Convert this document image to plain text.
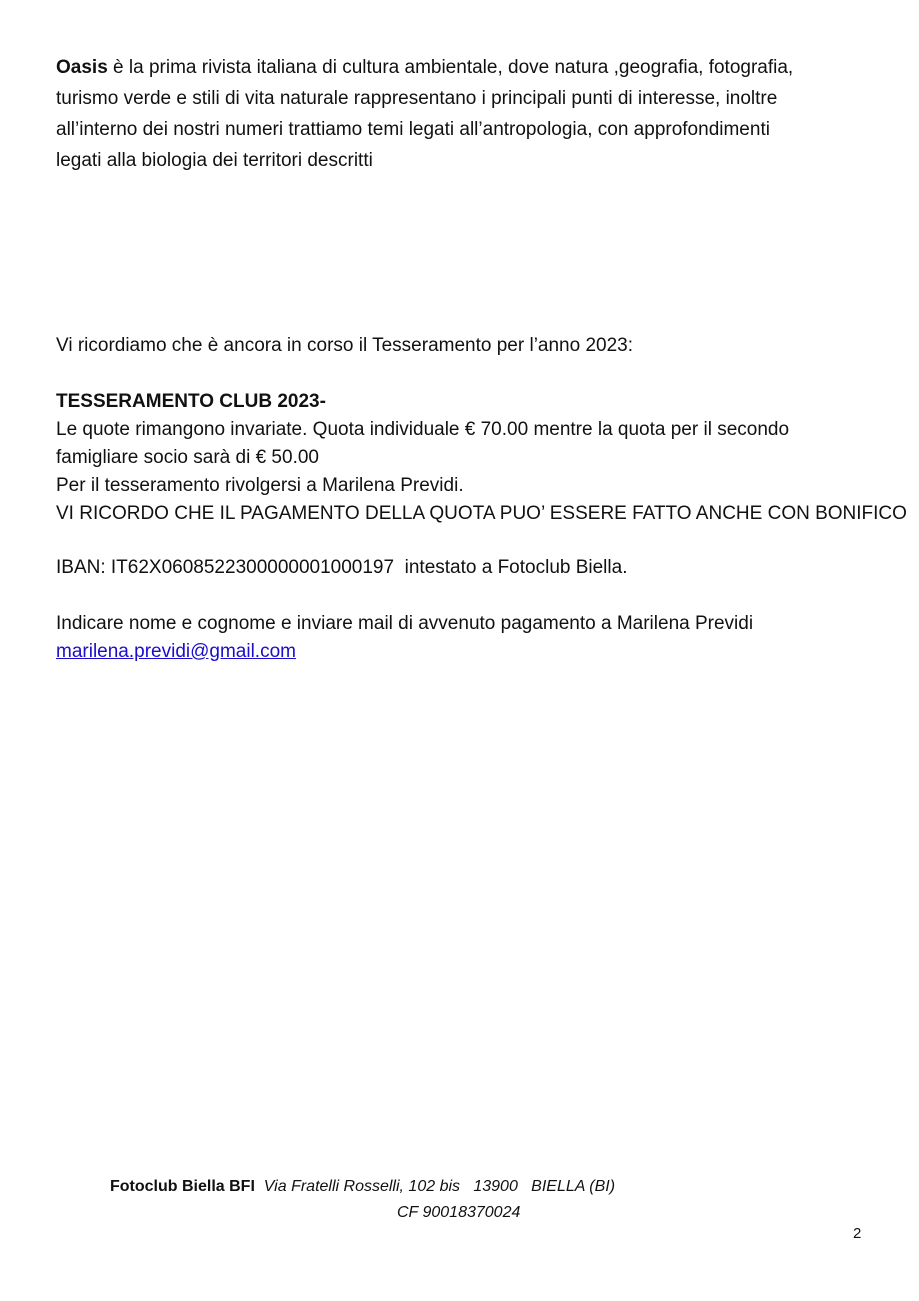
Oasis è la prima rivista italiana di cultura ambientale, dove natura ,geografia, fotografia,
turismo verde e stili di vita naturale rappresentano i principali punti di interesse, inoltre
all’interno dei nostri numeri trattiamo temi legati all’antropologia, con approfondimenti
legati alla biologia dei territori descritti
Vi ricordiamo che è ancora in corso il Tesseramento per l’anno 2023:
TESSERAMENTO CLUB 2023-
Le quote rimangono invariate. Quota individuale € 70.00 mentre la quota per il secondo
famigliare socio sarà di € 50.00
Per il tesseramento rivolgersi a Marilena Previdi.
VI RICORDO CHE IL PAGAMENTO DELLA QUOTA PUO’ ESSERE FATTO ANCHE CON BONIFICO
IBAN: IT62X0608522300000001000197  intestato a Fotoclub Biella.
Indicare nome e cognome e inviare mail di avvenuto pagamento a Marilena Previdi
marilena.previdi@gmail.com
Fotoclub Biella BFI  Via Fratelli Rosselli, 102 bis   13900   BIELLA (BI)
CF 90018370024
2
